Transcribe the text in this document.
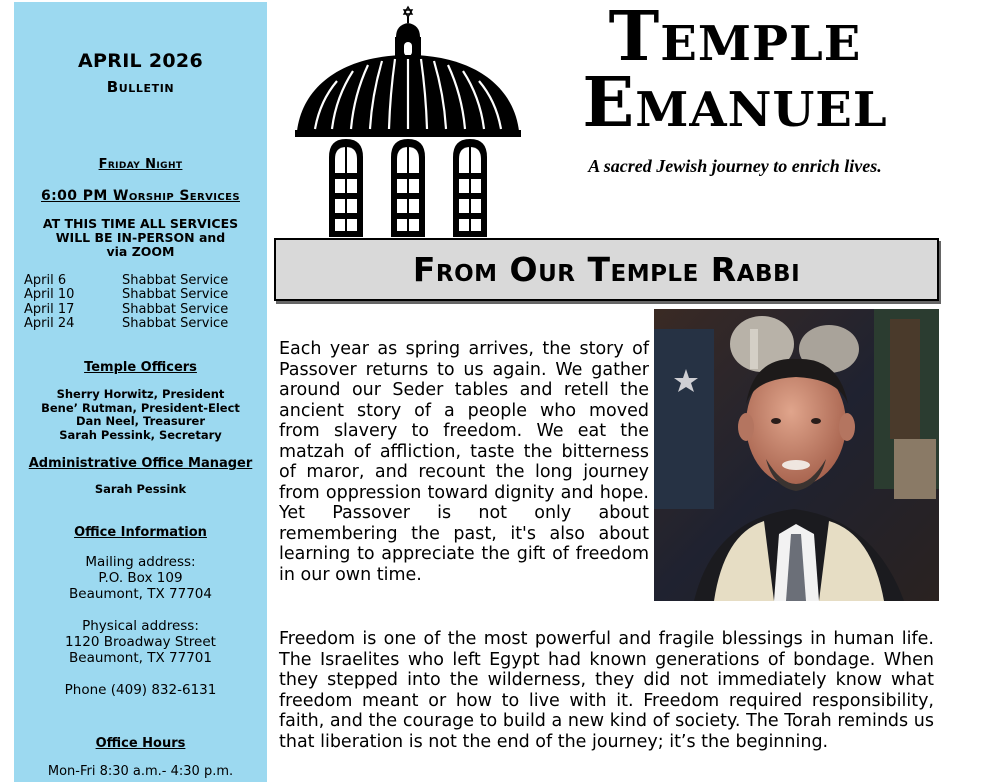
APRIL 2026
Bulletin
Friday Night
6:00 PM Worship Services
AT THIS TIME ALL SERVICES
WILL BE IN-PERSON and
via ZOOM
April 6	Shabbat Service
April 10	Shabbat Service
April 17	Shabbat Service
April 24	Shabbat Service
Temple Officers
Sherry Horwitz, President
Bene’ Rutman, President-Elect
Dan Neel, Treasurer
Sarah Pessink, Secretary
Administrative Office Manager
Sarah Pessink
Office Information
Mailing address:
P.O. Box 109
Beaumont, TX 77704
Physical address:
1120 Broadway Street
Beaumont, TX 77701
Phone (409) 832-6131
Office Hours
Mon-Fri 8:30 a.m.- 4:30 p.m.
Temple
Emanuel
A sacred Jewish journey to enrich lives.
From Our Temple Rabbi
Each year as spring arrives, the story of Passover returns to us again. We gather around our Seder tables and retell the ancient story of a people who moved from slavery to freedom. We eat the matzah of affliction, taste the bitterness of maror, and recount the long journey from oppression toward dignity and hope. Yet Passover is not only about remembering the past, it's also about learning to appreciate the gift of freedom in our own time.
Freedom is one of the most powerful and fragile blessings in human life. The Israelites who left Egypt had known generations of bondage. When they stepped into the wilderness, they did not immediately know what freedom meant or how to live with it. Freedom required responsibility, faith, and the courage to build a new kind of society. The Torah reminds us that liberation is not the end of the journey; it’s the beginning.
